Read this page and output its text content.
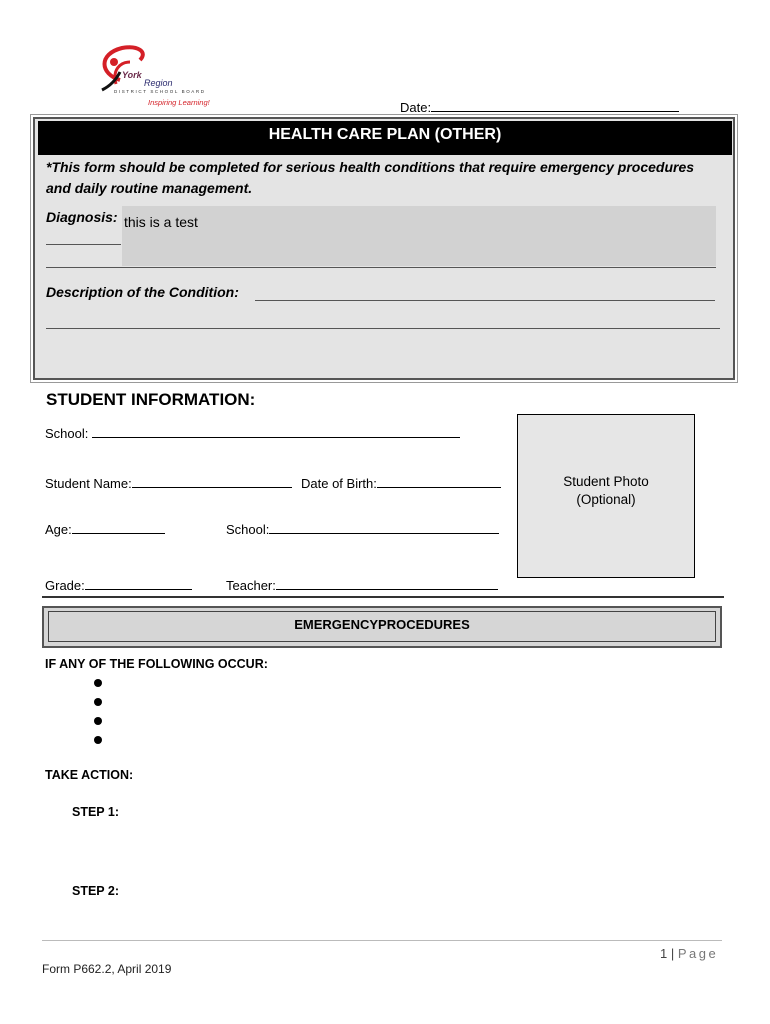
York
Region
DISTRICT SCHOOL BOARD
Inspiring Learning!	Date:
HEALTH CARE PLAN (OTHER)
*This form should be completed for serious health conditions that require emergency procedures and daily routine management.
Diagnosis: this is a test
Description of the Condition:
STUDENT INFORMATION:
School:
Student Name:	Date of Birth:
Age:	School:
Grade:	Teacher:
Student Photo
(Optional)
EMERGENCYPROCEDURES
IF ANY OF THE FOLLOWING OCCUR:
TAKE ACTION:
STEP 1:
STEP 2:
1 | Page
Form P662.2, April 2019
